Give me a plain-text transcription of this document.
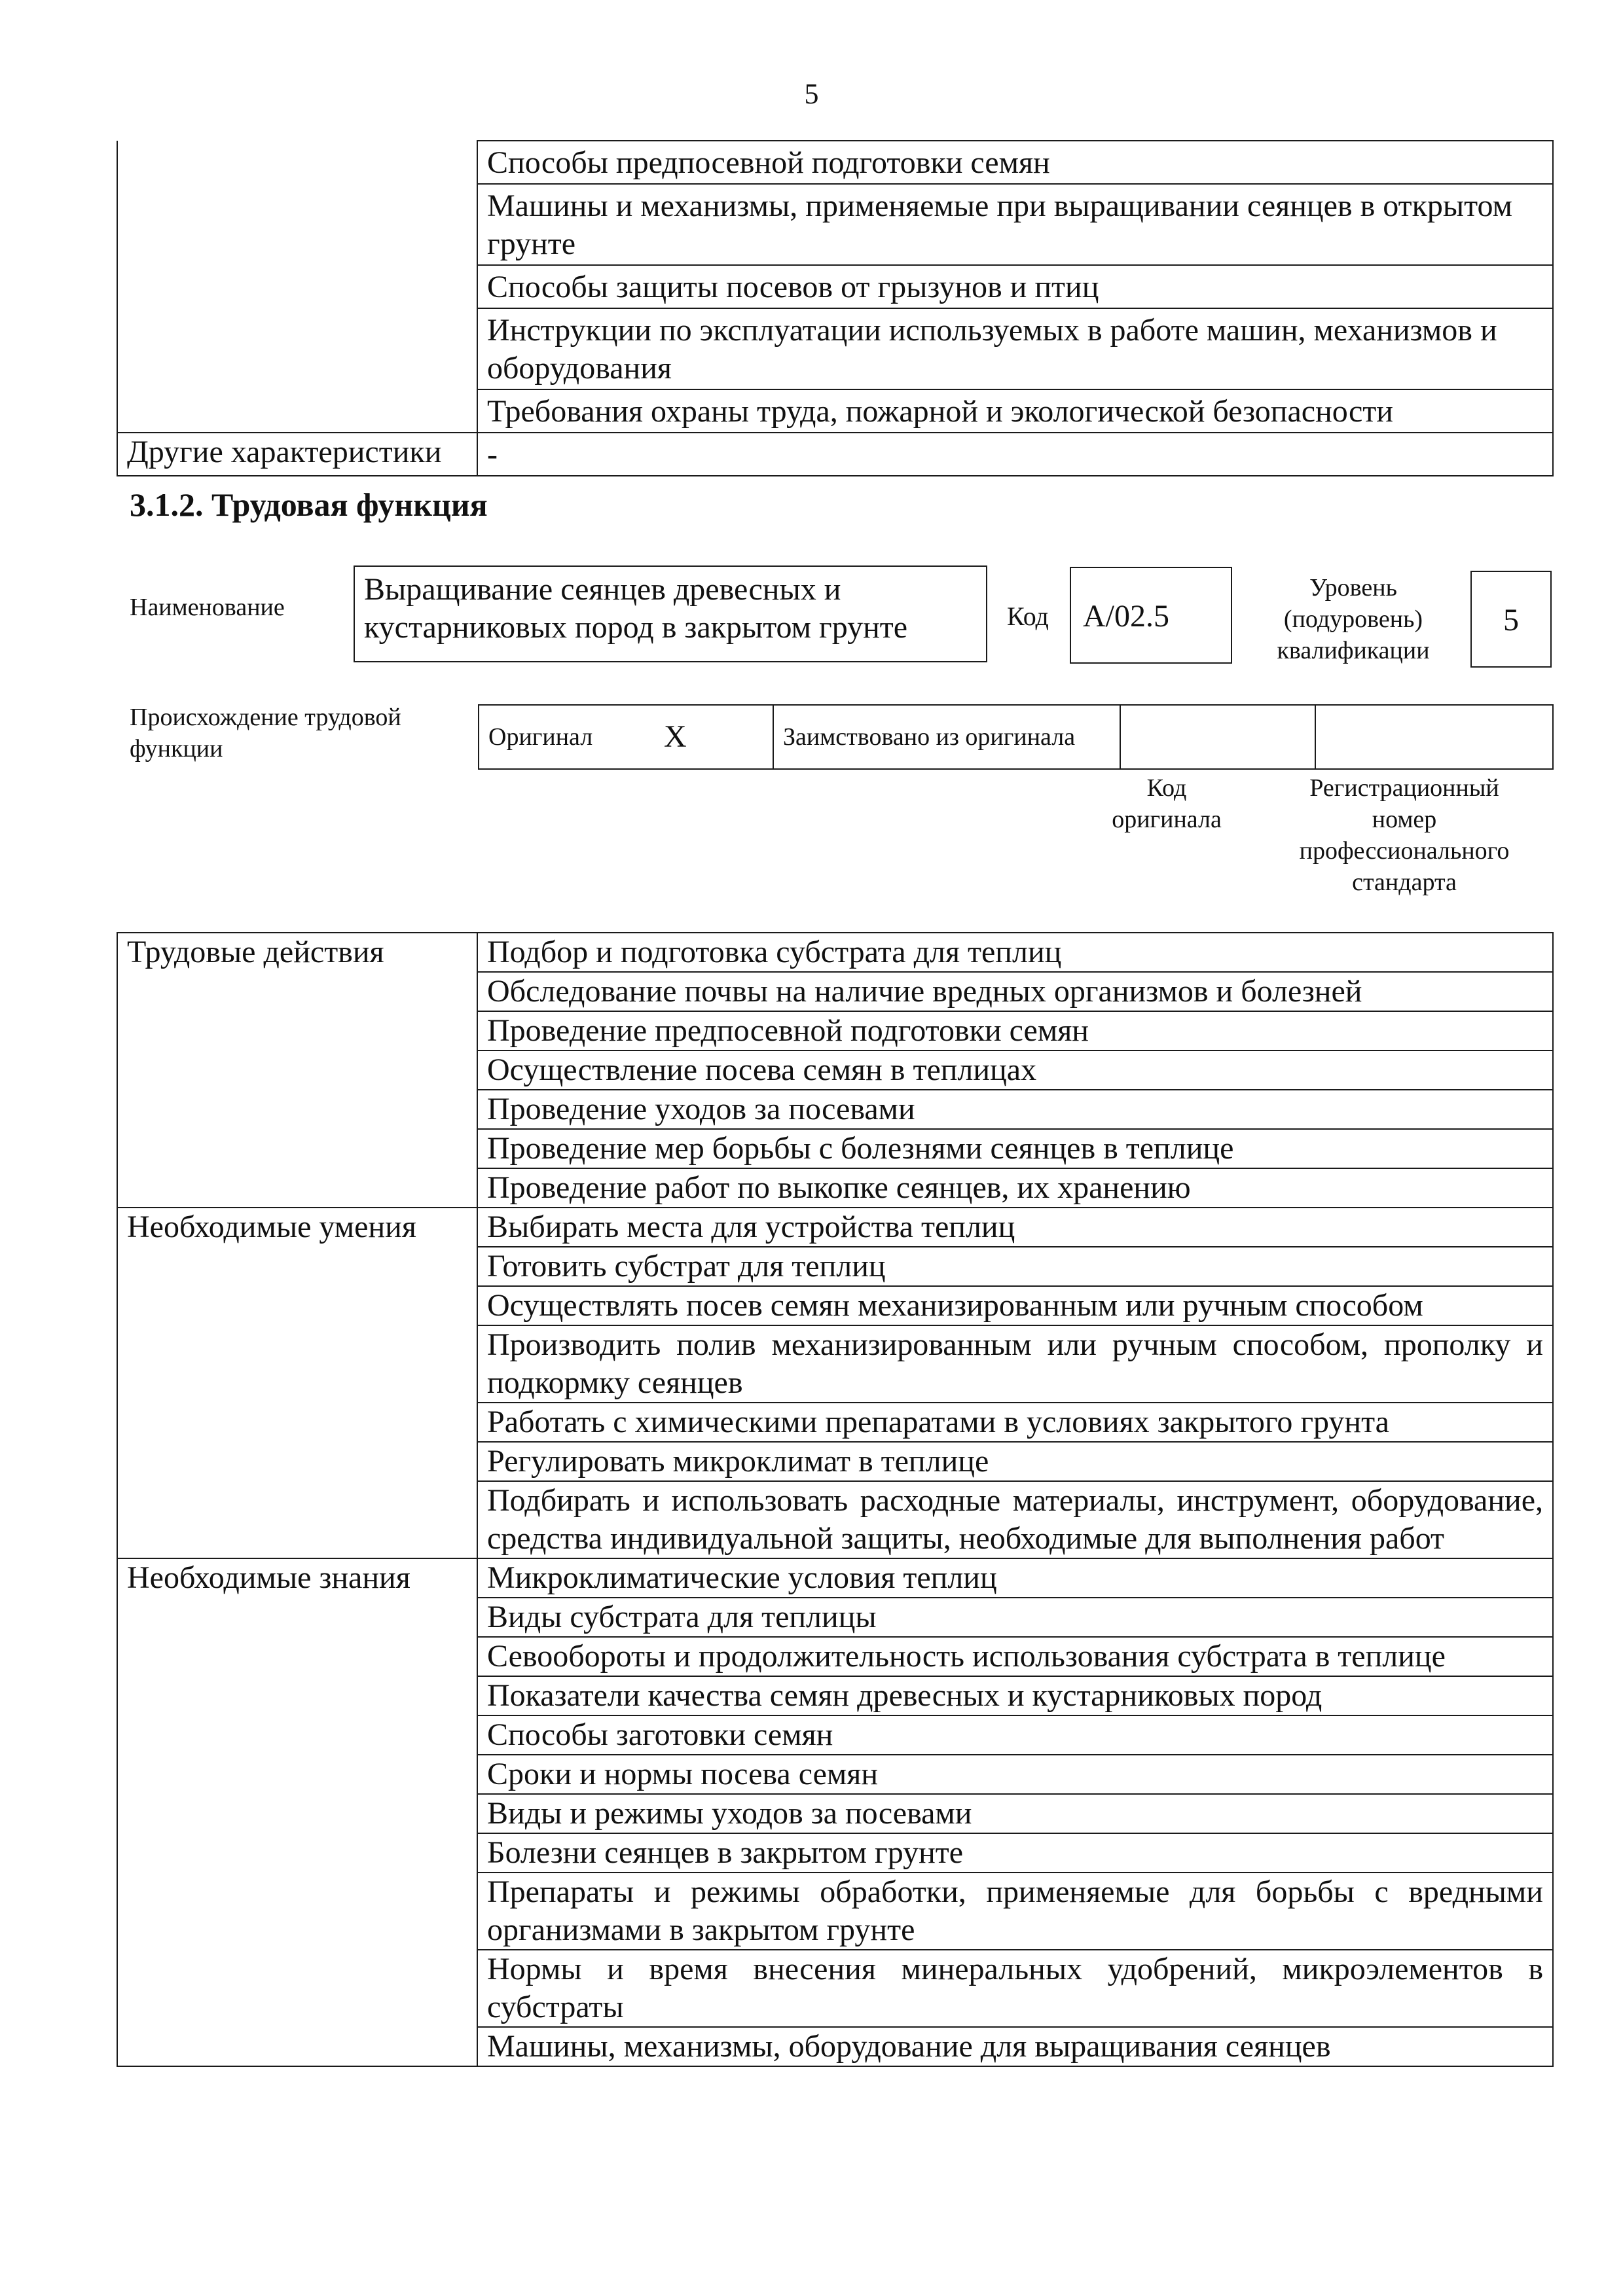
5
	Способы предпосевной подготовки семян
	Машины и механизмы, применяемые при выращивании сеянцев в открытом грунте
	Способы защиты посевов от грызунов и птиц
	Инструкции по эксплуатации используемых в работе машин, механизмов и оборудования
	Требования охраны труда, пожарной и экологической безопасности
Другие характеристики	-
3.1.2. Трудовая функция
Наименование
Выращивание сеянцев древесных и кустарниковых пород в закрытом грунте	Код	A/02.5
Уровень
(подуровень)
квалификации
5
Происхождение трудовой функции	Оригинал	X	Заимствовано из оригинала		
Код
оригинала
Регистрационный
номер
профессионального
стандарта
Трудовые действия	Подбор и подготовка субстрата для теплиц
	Обследование почвы на наличие вредных организмов и болезней
	Проведение предпосевной подготовки семян
	Осуществление посева семян в теплицах
	Проведение уходов за посевами
	Проведение мер борьбы с болезнями сеянцев в теплице
	Проведение работ по выкопке сеянцев, их хранению
Необходимые умения	Выбирать места для устройства теплиц
	Готовить субстрат для теплиц
	Осуществлять посев семян механизированным или ручным способом
	Производить полив механизированным или ручным способом, прополку и подкормку сеянцев
	Работать с химическими препаратами в условиях закрытого грунта
	Регулировать микроклимат в теплице
	Подбирать и использовать расходные материалы, инструмент, оборудование, средства индивидуальной защиты, необходимые для выполнения работ
Необходимые знания	Микроклиматические условия теплиц
	Виды субстрата для теплицы
	Севообороты и продолжительность использования субстрата в теплице
	Показатели качества семян древесных и кустарниковых пород
	Способы заготовки семян
	Сроки и нормы посева семян
	Виды и режимы уходов за посевами
	Болезни сеянцев в закрытом грунте
	Препараты и режимы обработки, применяемые для борьбы с вредными организмами в закрытом грунте
	Нормы и время внесения минеральных удобрений, микроэлементов в субстраты
	Машины, механизмы, оборудование для выращивания сеянцев
